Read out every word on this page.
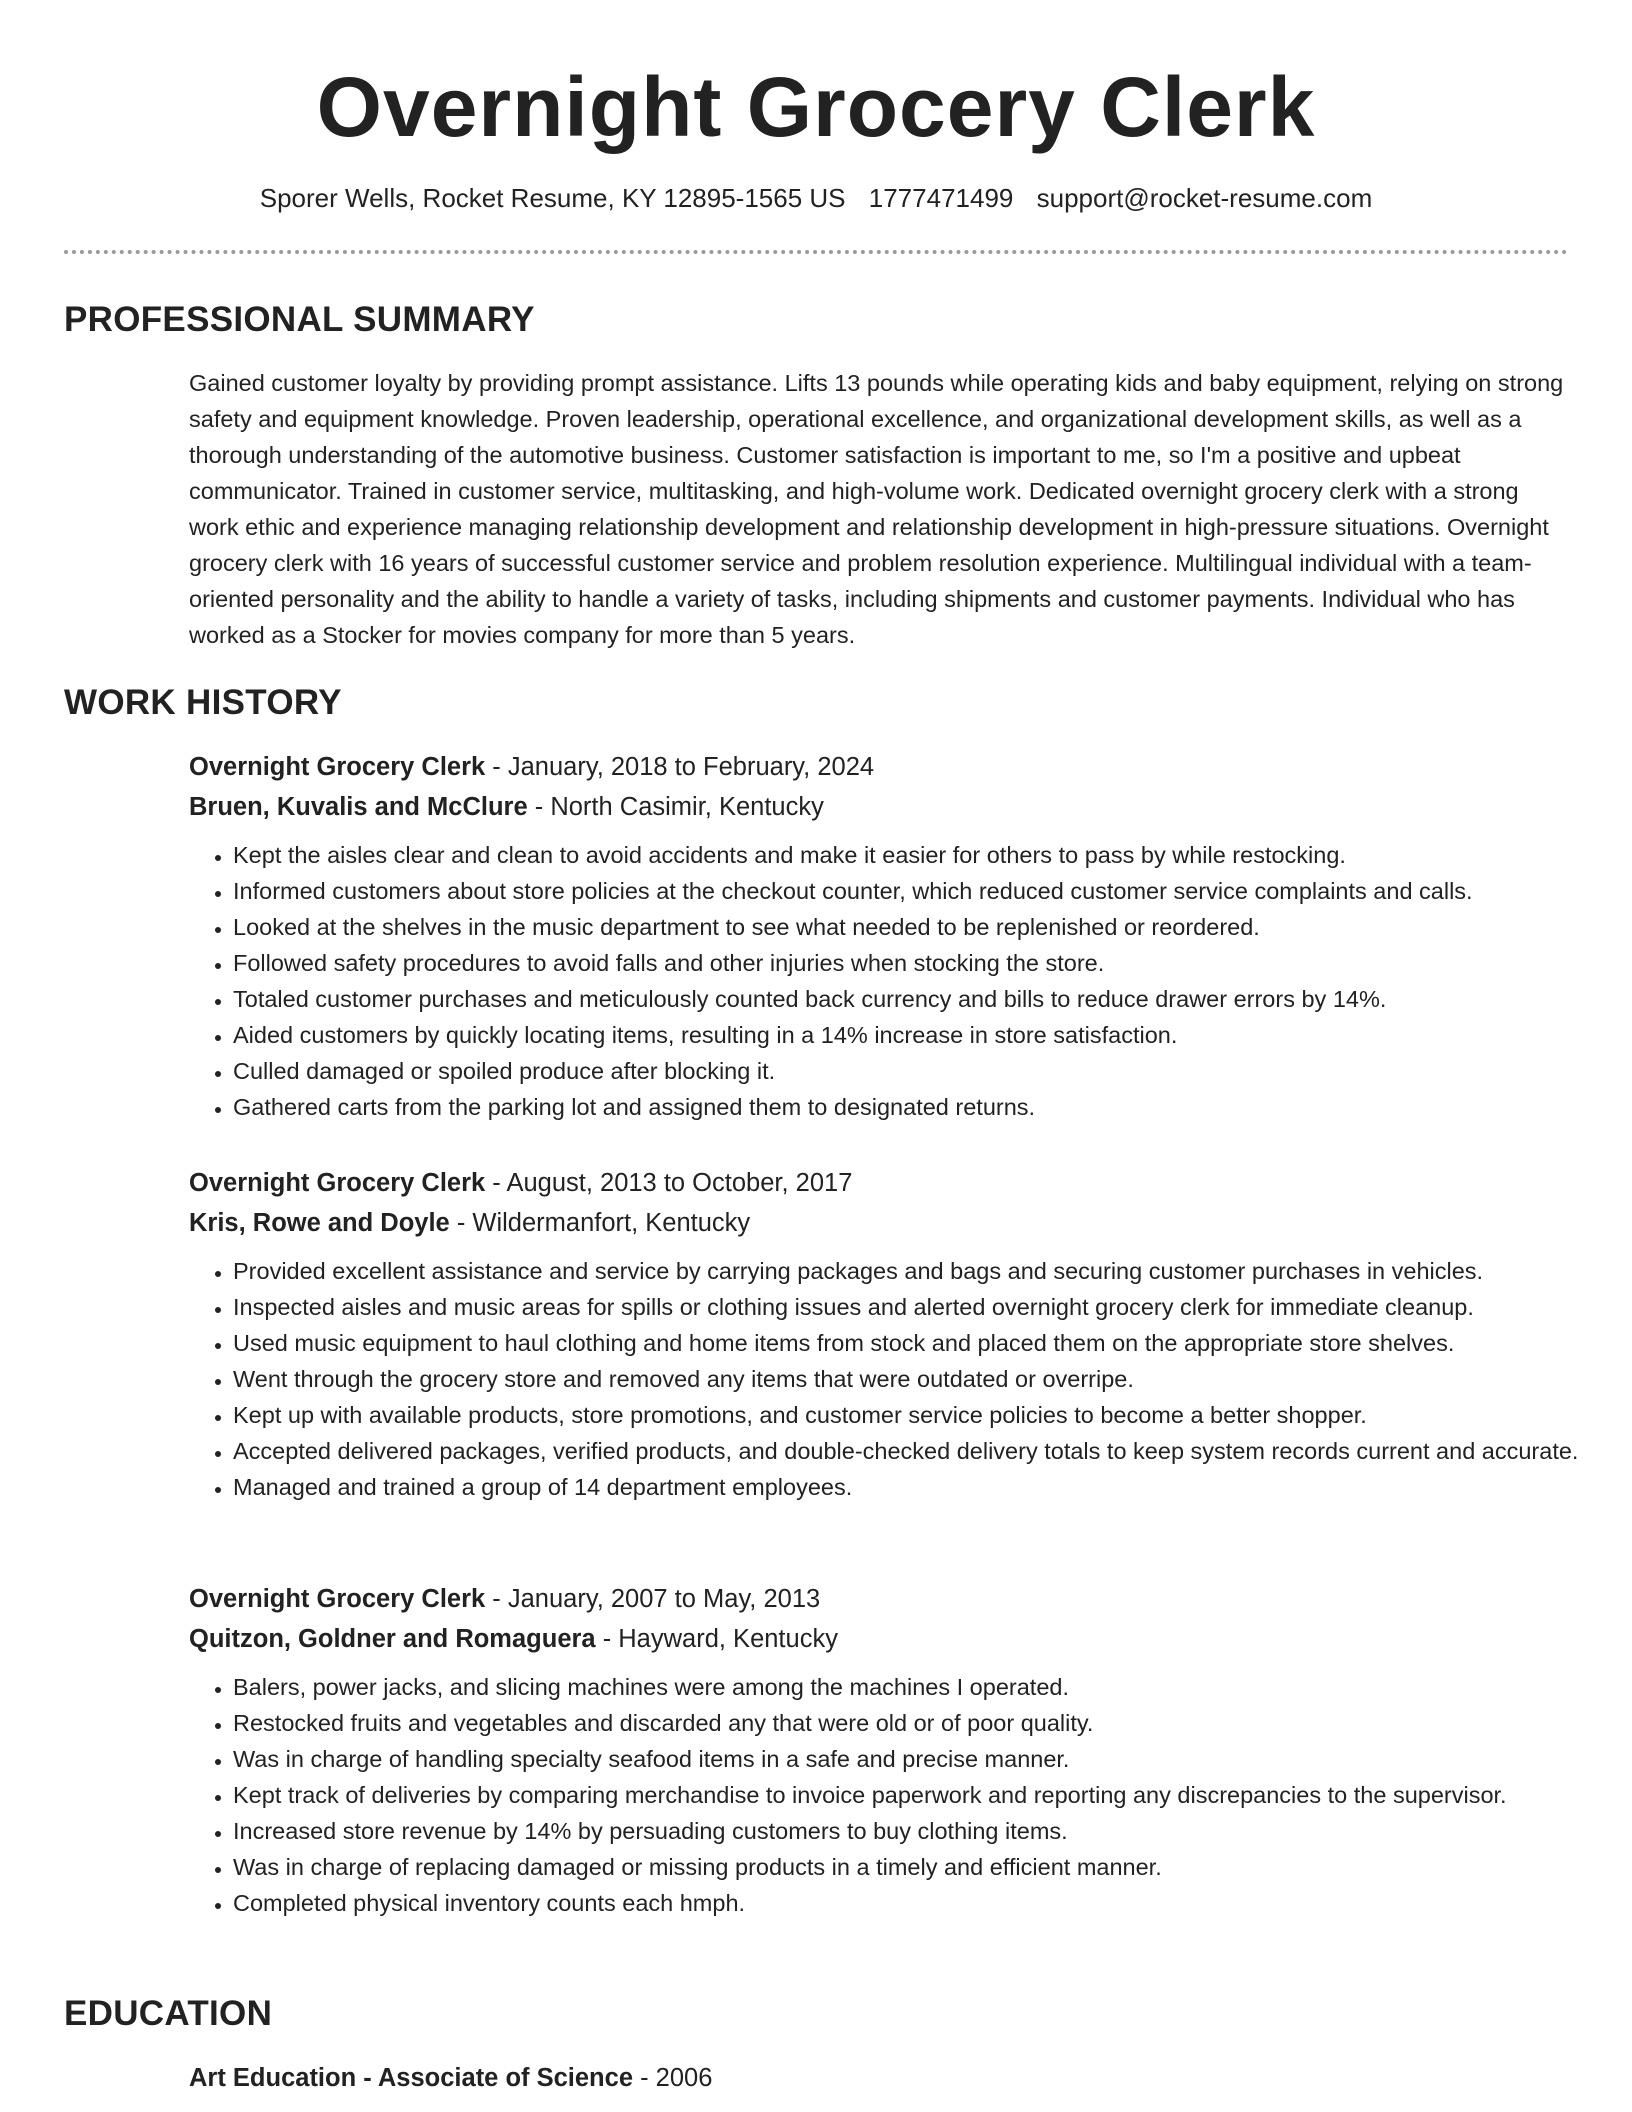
Overnight Grocery Clerk
Sporer Wells, Rocket Resume, KY 12895-1565 US 1777471499 support@rocket-resume.com
PROFESSIONAL SUMMARY

Gained customer loyalty by providing prompt assistance. Lifts 13 pounds while operating kids and baby equipment, relying on strong safety and equipment knowledge. Proven leadership, operational excellence, and organizational development skills, as well as a thorough understanding of the automotive business. Customer satisfaction is important to me, so I'm a positive and upbeat communicator. Trained in customer service, multitasking, and high-volume work. Dedicated overnight grocery clerk with a strong work ethic and experience managing relationship development and relationship development in high-pressure situations. Overnight grocery clerk with 16 years of successful customer service and problem resolution experience. Multilingual individual with a team-oriented personality and the ability to handle a variety of tasks, including shipments and customer payments. Individual who has worked as a Stocker for movies company for more than 5 years.

WORK HISTORY
Overnight Grocery Clerk - January, 2018 to February, 2024
Bruen, Kuvalis and McClure - North Casimir, Kentucky
• Kept the aisles clear and clean to avoid accidents and make it easier for others to pass by while restocking.
• Informed customers about store policies at the checkout counter, which reduced customer service complaints and calls.
• Looked at the shelves in the music department to see what needed to be replenished or reordered.
• Followed safety procedures to avoid falls and other injuries when stocking the store.
• Totaled customer purchases and meticulously counted back currency and bills to reduce drawer errors by 14%.
• Aided customers by quickly locating items, resulting in a 14% increase in store satisfaction.
• Culled damaged or spoiled produce after blocking it.
• Gathered carts from the parking lot and assigned them to designated returns.
Overnight Grocery Clerk - August, 2013 to October, 2017
Kris, Rowe and Doyle - Wildermanfort, Kentucky
• Provided excellent assistance and service by carrying packages and bags and securing customer purchases in vehicles.
• Inspected aisles and music areas for spills or clothing issues and alerted overnight grocery clerk for immediate cleanup.
• Used music equipment to haul clothing and home items from stock and placed them on the appropriate store shelves.
• Went through the grocery store and removed any items that were outdated or overripe.
• Kept up with available products, store promotions, and customer service policies to become a better shopper.
• Accepted delivered packages, verified products, and double-checked delivery totals to keep system records current and accurate.
• Managed and trained a group of 14 department employees.
Overnight Grocery Clerk - January, 2007 to May, 2013
Quitzon, Goldner and Romaguera - Hayward, Kentucky
• Balers, power jacks, and slicing machines were among the machines I operated.
• Restocked fruits and vegetables and discarded any that were old or of poor quality.
• Was in charge of handling specialty seafood items in a safe and precise manner.
• Kept track of deliveries by comparing merchandise to invoice paperwork and reporting any discrepancies to the supervisor.
• Increased store revenue by 14% by persuading customers to buy clothing items.
• Was in charge of replacing damaged or missing products in a timely and efficient manner.
• Completed physical inventory counts each hmph.
EDUCATION
Art Education - Associate of Science - 2006
